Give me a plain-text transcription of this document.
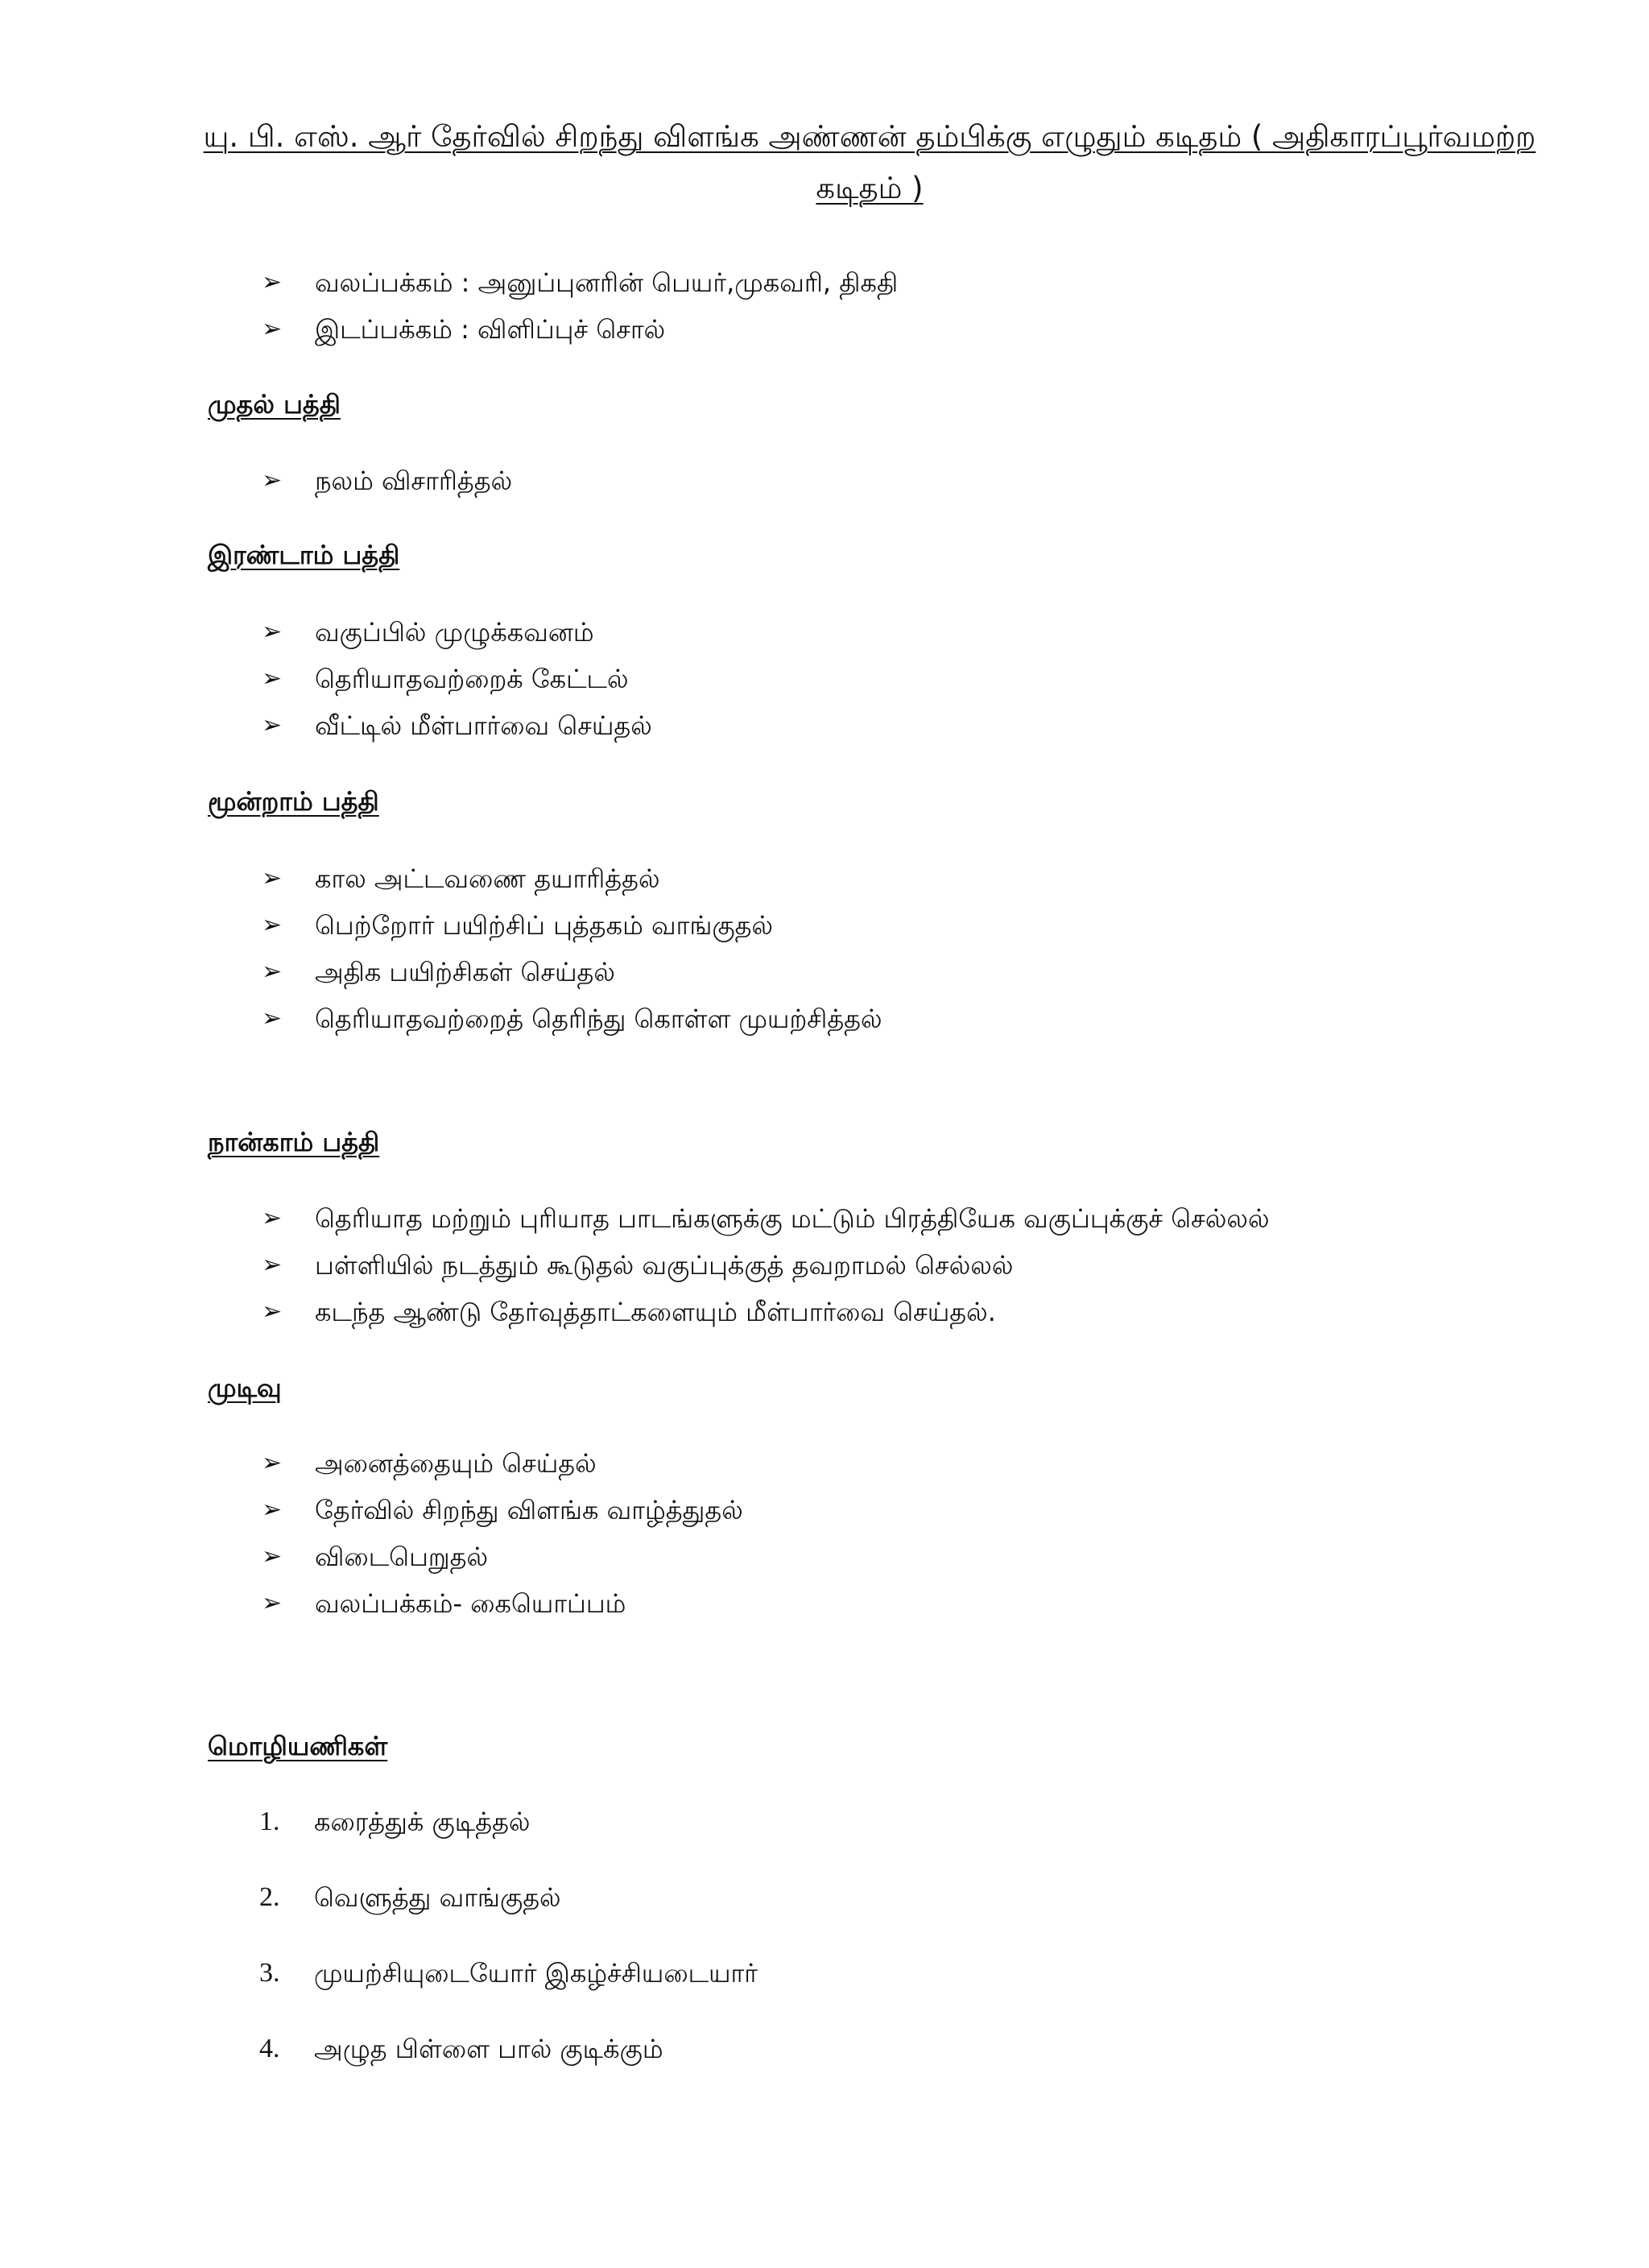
யு. பி. எஸ். ஆர் தேர்வில் சிறந்து விளங்க அண்ணன் தம்பிக்கு எழுதும் கடிதம் ( அதிகாரப்பூர்வமற்ற கடிதம் )
➢	வலப்பக்கம் : அனுப்புனரின் பெயர்,முகவரி, திகதி
➢	இடப்பக்கம் : விளிப்புச் சொல்
முதல் பத்தி
➢	நலம் விசாரித்தல்
இரண்டாம் பத்தி
➢	வகுப்பில் முழுக்கவனம்
➢	தெரியாதவற்றைக் கேட்டல்
➢	வீட்டில் மீள்பார்வை செய்தல்
மூன்றாம் பத்தி
➢	கால அட்டவணை தயாரித்தல்
➢	பெற்றோர் பயிற்சிப் புத்தகம் வாங்குதல்
➢	அதிக பயிற்சிகள் செய்தல்
➢	தெரியாதவற்றைத் தெரிந்து கொள்ள முயற்சித்தல்
நான்காம் பத்தி
➢	தெரியாத மற்றும் புரியாத பாடங்களுக்கு மட்டும் பிரத்தியேக வகுப்புக்குச் செல்லல்
➢	பள்ளியில் நடத்தும் கூடுதல் வகுப்புக்குத் தவறாமல் செல்லல்
➢	கடந்த ஆண்டு தேர்வுத்தாட்களையும் மீள்பார்வை செய்தல்.
முடிவு
➢	அனைத்தையும் செய்தல்
➢	தேர்வில் சிறந்து விளங்க வாழ்த்துதல்
➢	விடைபெறுதல்
➢	வலப்பக்கம்- கையொப்பம்
மொழியணிகள்
1.	கரைத்துக் குடித்தல்
2.	வெளுத்து வாங்குதல்
3.	முயற்சியுடையோர் இகழ்ச்சியடையார்
4.	அழுத பிள்ளை பால் குடிக்கும்
